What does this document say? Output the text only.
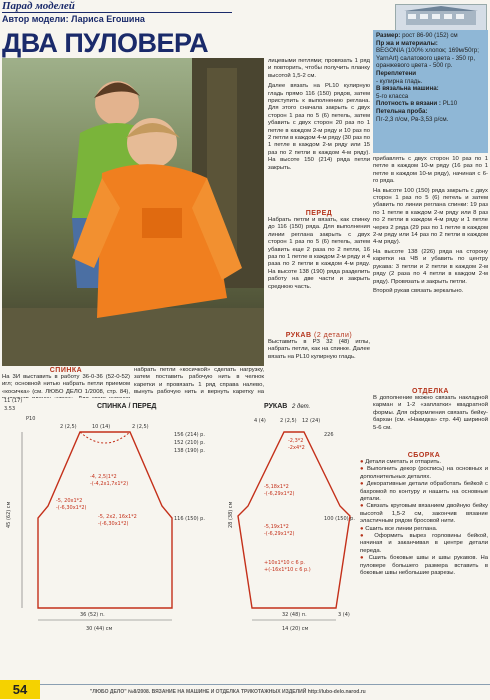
Парад моделей
Автор модели: Лариса Егошина
ДВА ПУЛОВЕРА	Размер: рост 86-90 (152) см
Пр жа и материалы:
BEGONIA (100% хлопок; 169м/50гр; YarnArt) салатового цвета - 350 гр, оранжевого цвета - 500 гр.
Переплетени
- кулирна гладь.
В вязальна машина:
5-го класса
Плотность в вязани : PL10
Петельна проба:
Пг-2,3 п/см, Рв-3,53 р/см.
лицевыми петлями; провязать 1 ряд и повторить, чтобы получить планку высотой 1,5-2 см.
Далее вязать на PL10 кулирную гладь прямо 116 (150) рядов, затем приступить к выполнению реглана. Для этого сначала закрыть с двух сторон 1 раз по 5 (6) петель, затем убавить с двух сторон 20 раз по 1 петле в каждом 2-м ряду и 10 раз по 2 петли в каждом 4-м ряду (30 раз по 1 петле в каждом 2-м ряду или 15 раз по 2 петли в каждом 4-м ряду). На высоте 150 (214) ряда петли закрыть.
ПЕРЕД
Набрать петли и вязать, как спинку до 116 (150) ряда. Для выполнения линии реглана закрыть с двух сторон 1 раз по 5 (6) петель, затем убавить еще 2 раза по 2 петли, 16 раз по 1 петле в каждом 2-м ряду и 4 раза по 2 петли в каждом 4-м ряду. На высоте 138 (190) ряда разделить работу на две части и закрыть среднюю часть.
РУКАВ (2 детали)
Выставить в РЗ 32 (48) иглы, набрать петли, как на спинке. Далее вязать на PL10 кулирную гладь.
прибавлять с двух сторон 10 раз по 1 петле в каждом 10-м ряду (16 раз по 1 петле в каждом 10-м ряду), начиная с 6-го ряда.
На высоте 100 (150) ряда закрыть с двух сторон 1 раз по 5 (6) петель и затем убавить по линии реглана спинки: 19 раз по 1 петле в каждом 2-м ряду или 8 раз по 2 петли в каждом 4-м ряду и 1 петле через 2 ряда (29 раз по 1 петле в каждом 2-м ряду или 14 раз по 2 петли в каждом 4-м ряду).
На высоте 138 (226) ряда на сторону каретки на ЧВ и убавить по центру рукава: 3 петли и 2 петли в каждом 2-м ряду (2 раза по 4 петли в каждом 2-м ряду). Провязать и закрыть петли.
Второй рукав связать зеркально.
ОТДЕЛКА
В дополнение можно связать накладной карман и 1-2 «заплатки» квадратной формы. Для оформления связать бейку-бархан (см. «Накидка» стр. 44) шириной 5-6 см.
СПИНКА
На 3И выставить в работу 36-0-36 (52-0-52) игл; основной нитью набрать петли приемом «косичка» (см. ЛЮБО ДЕЛО 1/2008, стр. 84),
набрать петли «косичкой» сделать нагрузку, затем поставить рабочую нить в челнок каретки и провязать 1 ряд справа налево, вынуть рабочую нить и вернуть каретку на
СБОРКА
● Детали сметать и отпарить.
● Выполнить декор (роспись) на основных и дополнительных деталях.
● Декоративные детали обработать бейкой с бахромой по контуру и нашить на основные детали.
● Связать круговым вязанием двойную бейку высотой 1,5-2 см, закончив вязание эластичным рядом бросовой нити.
● Сшить все линии реглана.
● Оформить вырез горловины бейкой, начиная и заканчивая в центре детали переда.
● Сшить боковые швы и швы рукавов. На пуловере большего размера вставить в боковые швы небольшие разрезы.
СПИНКА / ПЕРЕД	РУКАВ 2 дет.
P10
3.53
2 (2,5)	10 (14)	2 (2,5)
-4, 2,5|1*2
-(-4,2x1,7x1*2)
-5, 20x1*2
-(-6,30x1*2)
-5, 2x2, 16x1*2
-(-6,30x1*2)
156 (214) р.
152 (210) р.
138 (190) р.
116 (150) р.
36 (52) п.
30 (44) см
45 (62) см
11 (17)
4 (4)	2 (2,5) 12 (24)
-2,3*2
-2x4*2
-5,18x1*2
-(-6,29x1*2)
-5,19x1*2
-(-6,29x1*2)
+10x1*10 с 6 р.
+(-16x1*10 с 6 р.)
226
100 (150) р.
32 (48) п.
14 (20) см
28 (38) см
3 (4)
54	"ЛЮБО ДЕЛО" №8/2008. ВЯЗАНИЕ НА МАШИНЕ И ОТДЕЛКА ТРИКОТАЖНЫХ ИЗДЕЛИЙ http://lubo-delo.narod.ru
